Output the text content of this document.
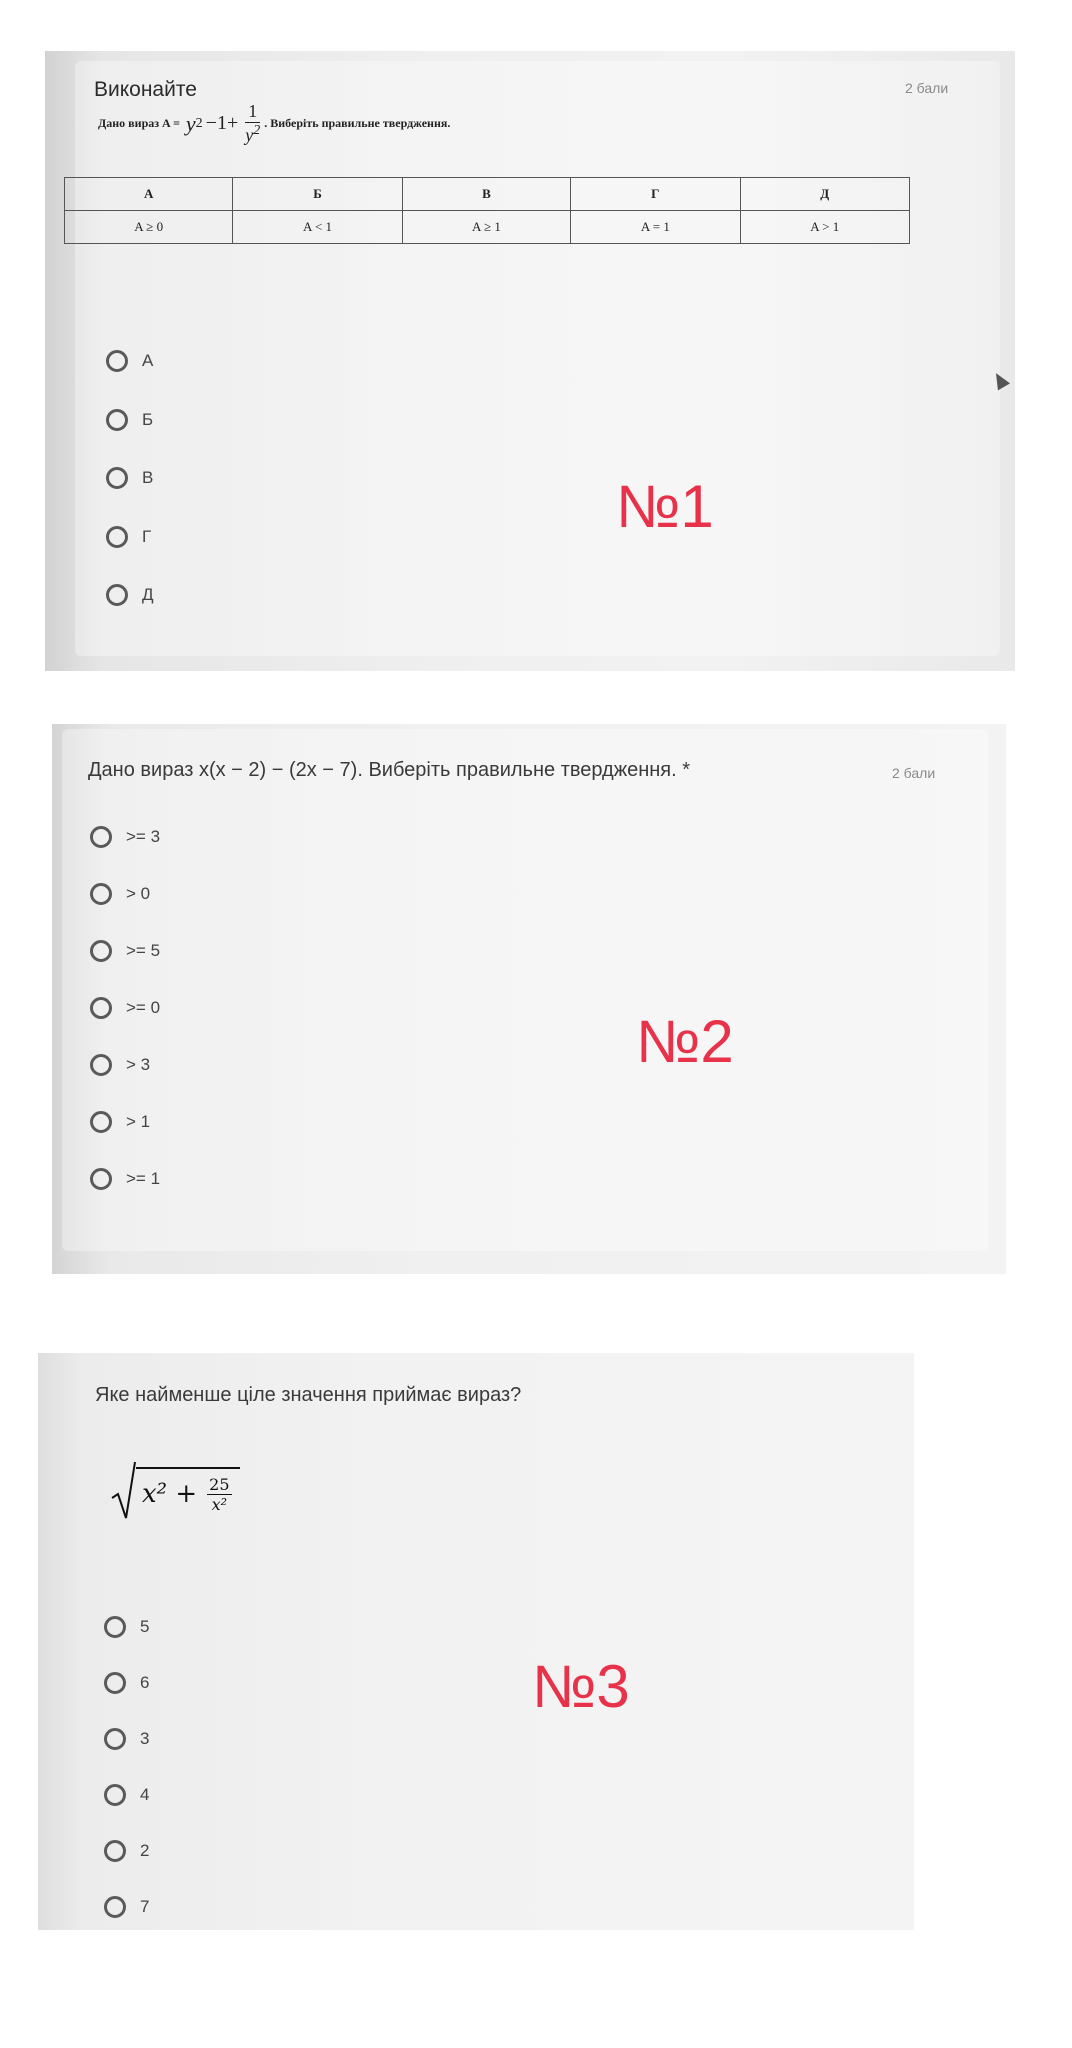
Виконайте	2 бали
Дано вираз A = y $2 -1+ \frac{1}{y^2}$ . Виберіть правильне твердження.
А	Б	В	Г	Д
A ≥ 0	A < 1	A ≥ 1	A = 1	A > 1
А
Б
В
Г
Д
№1
Дано вираз x(x − 2) − (2x − 7). Виберіть правильне твердження. *	2 бали
>= 3
> 0
>= 5
>= 0
> 3
> 1
>= 1
№2
Яке найменше ціле значення приймає вираз?
$x^2 + \frac{25}{\text{x²}}$
5
6
3
4
2
7
№3
